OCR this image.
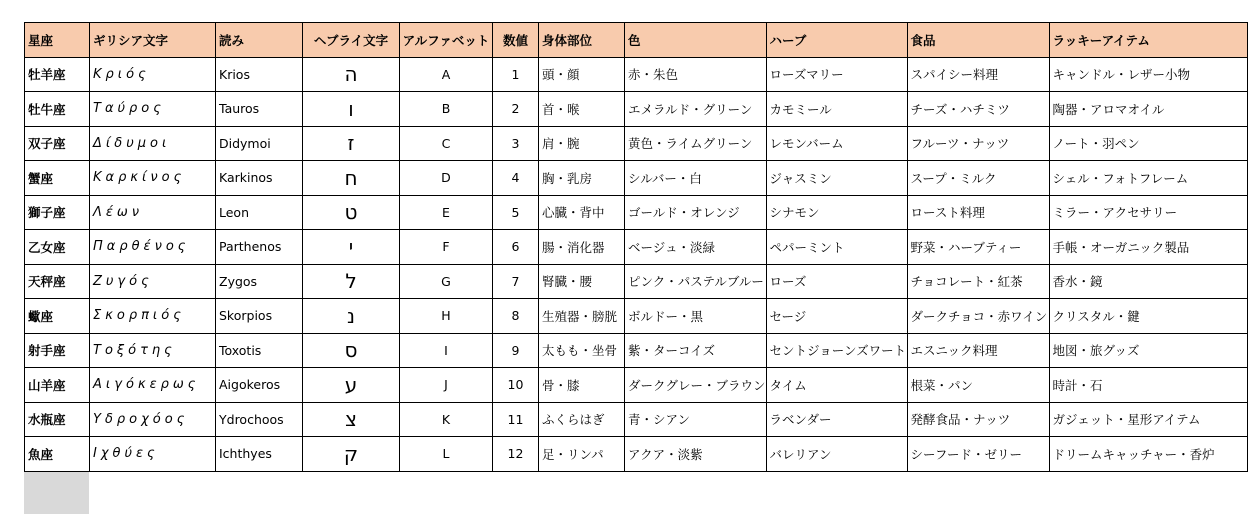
星座	ギリシア文字	読み	ヘブライ文字	アルファベット	数値	身体部位	色	ハーブ	食品	ラッキーアイテム
牡羊座	Κριός	Krios	ה	A	1	頭・顔	赤・朱色	ローズマリー	スパイシー料理	キャンドル・レザー小物
牡牛座	Ταύρος	Tauros	ו	B	2	首・喉	エメラルド・グリーン	カモミール	チーズ・ハチミツ	陶器・アロマオイル
双子座	Δίδυμοι	Didymoi	ז	C	3	肩・腕	黄色・ライムグリーン	レモンバーム	フルーツ・ナッツ	ノート・羽ペン
蟹座	Καρκίνος	Karkinos	ח	D	4	胸・乳房	シルバー・白	ジャスミン	スープ・ミルク	シェル・フォトフレーム
獅子座	Λέων	Leon	ט	E	5	心臓・背中	ゴールド・オレンジ	シナモン	ロースト料理	ミラー・アクセサリー
乙女座	Παρθένος	Parthenos	י	F	6	腸・消化器	ベージュ・淡緑	ペパーミント	野菜・ハーブティー	手帳・オーガニック製品
天秤座	Ζυγός	Zygos	ל	G	7	腎臓・腰	ピンク・パステルブルー	ローズ	チョコレート・紅茶	香水・鏡
蠍座	Σκορπιός	Skorpios	נ	H	8	生殖器・膀胱	ボルドー・黒	セージ	ダークチョコ・赤ワイン	クリスタル・鍵
射手座	Τοξότης	Toxotis	ס	I	9	太もも・坐骨	紫・ターコイズ	セントジョーンズワート	エスニック料理	地図・旅グッズ
山羊座	Αιγόκερως	Aigokeros	ע	J	10	骨・膝	ダークグレー・ブラウン	タイム	根菜・パン	時計・石
水瓶座	Υδροχόος	Ydrochoos	צ	K	11	ふくらはぎ	青・シアン	ラベンダー	発酵食品・ナッツ	ガジェット・星形アイテム
魚座	Ιχθύες	Ichthyes	ק	L	12	足・リンパ	アクア・淡紫	バレリアン	シーフード・ゼリー	ドリームキャッチャー・香炉
